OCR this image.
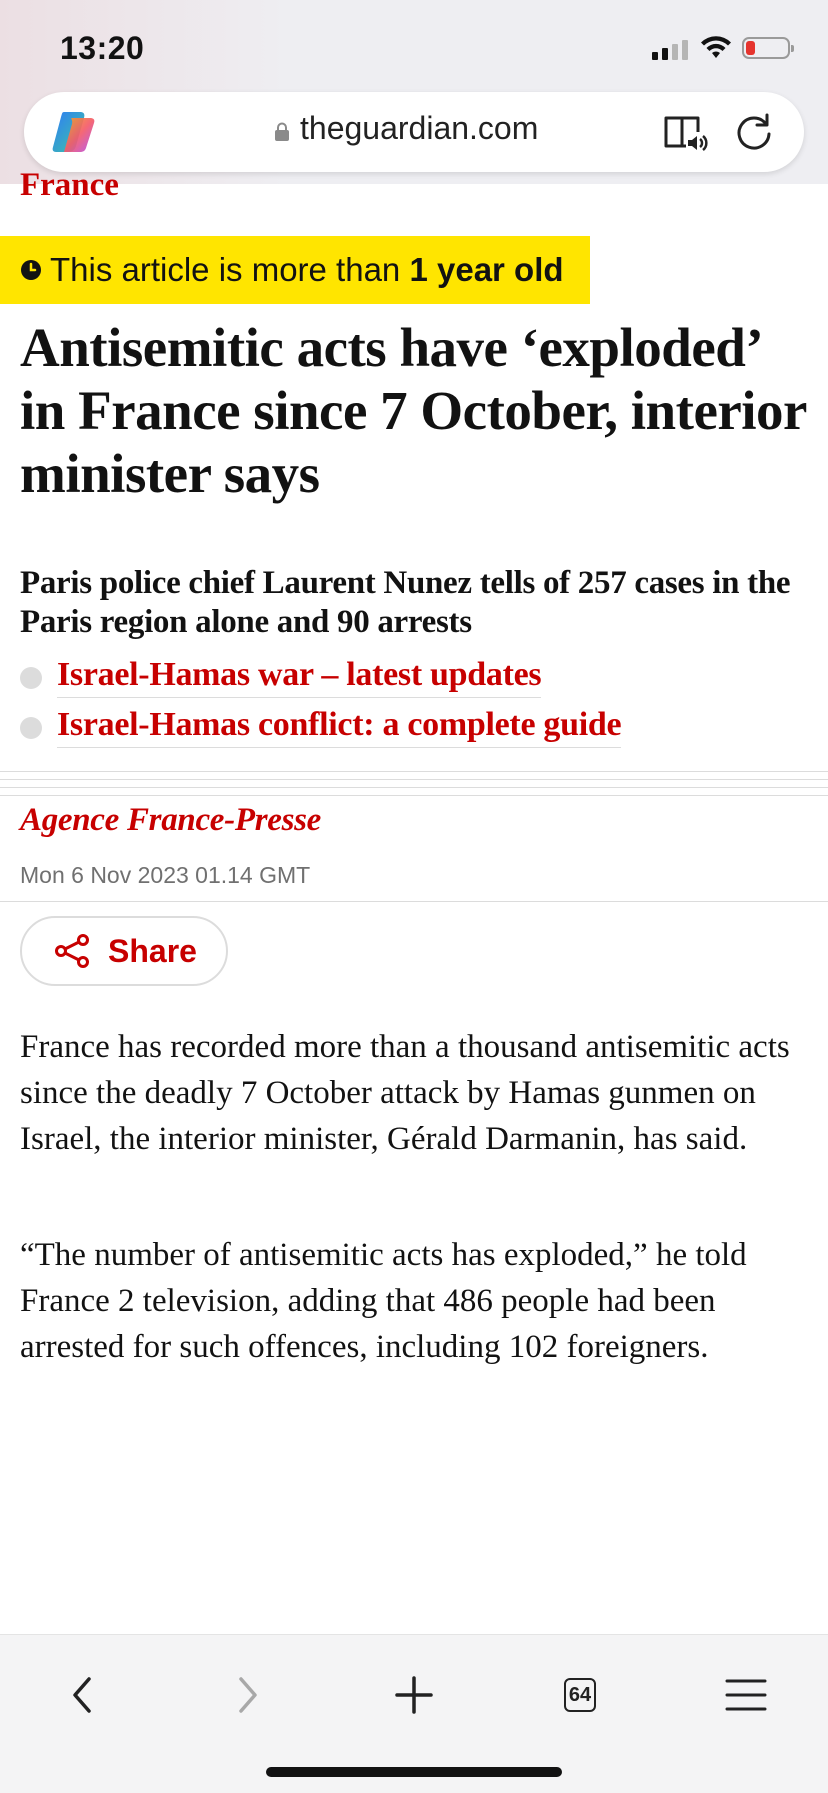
13:20
theguardian.com
France
This article is more than 1 year old
Antisemitic acts have ‘exploded’ in France since 7 October, interior minister says

Paris police chief Laurent Nunez tells of 257 cases in the Paris region alone and 90 arrests

Israel-Hamas war – latest updates
Israel-Hamas conflict: a complete guide
Agence France-Presse
Mon 6 Nov 2023 01.14 GMT
Share

France has recorded more than a thousand antisemitic acts since the deadly 7 October attack by Hamas gunmen on Israel, the interior minister, Gérald Darmanin, has said.

“The number of antisemitic acts has exploded,” he told France 2 television, adding that 486 people had been arrested for such offences, including 102 foreigners.

64
